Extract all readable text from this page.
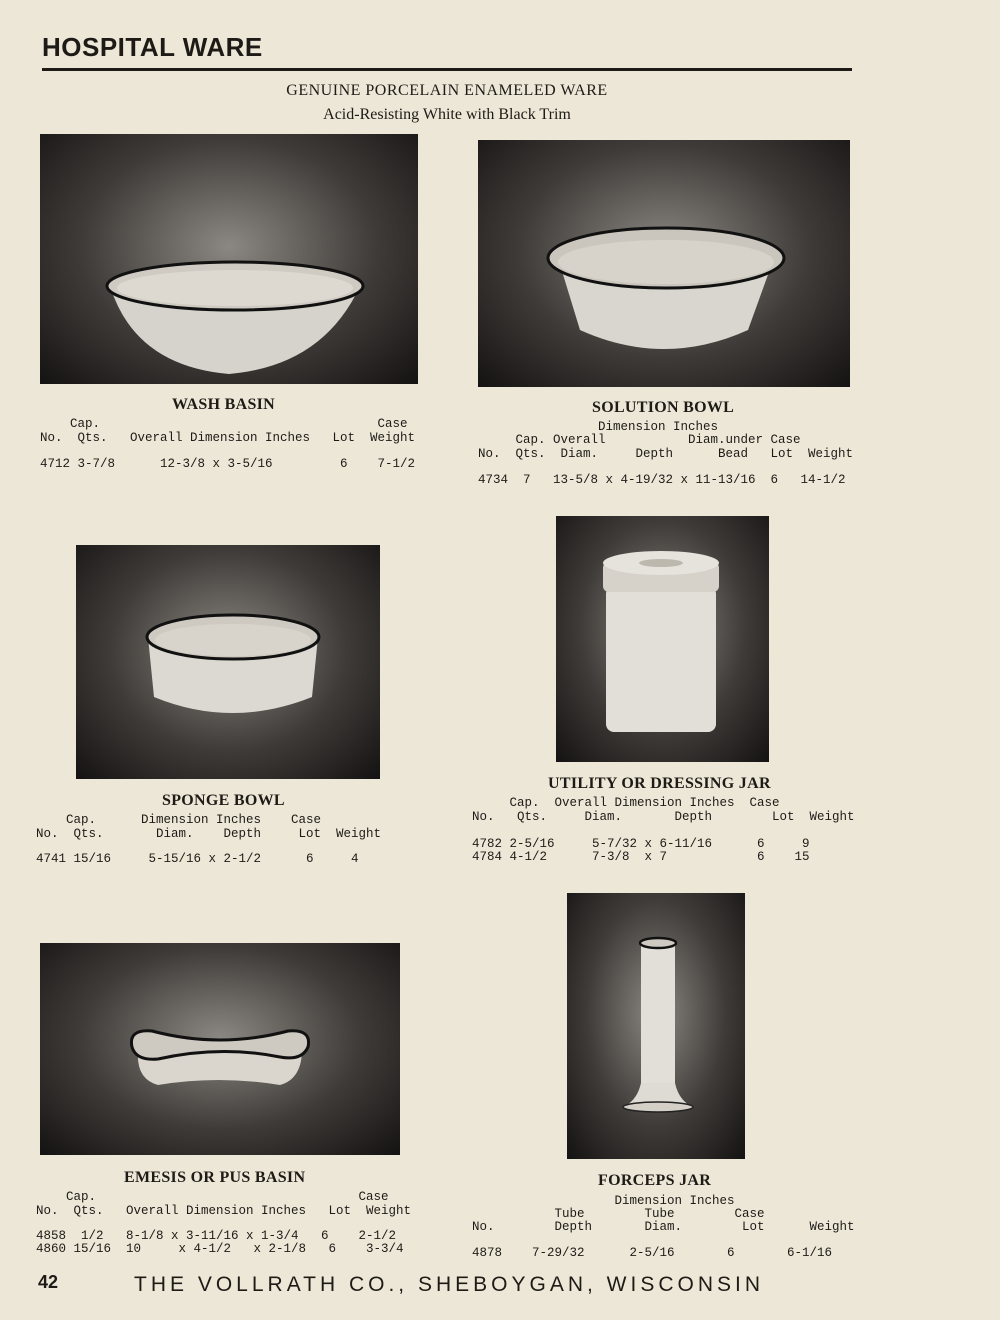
HOSPITAL WARE
GENUINE PORCELAIN ENAMELED WARE
Acid-Resisting White with Black Trim
WASH BASIN
Cap.                                     Case
No.  Qts.   Overall Dimension Inches   Lot  Weight
4712 3-7/8      12-3/8 x 3-5/16         6    7-1/2
SOLUTION BOWL
Dimension Inches
Cap. Overall           Diam.under Case
No.  Qts.  Diam.     Depth      Bead   Lot  Weight
4734  7   13-5/8 x 4-19/32 x 11-13/16  6   14-1/2
SPONGE BOWL
Cap.      Dimension Inches    Case
No.  Qts.       Diam.    Depth     Lot  Weight
4741 15/16     5-15/16 x 2-1/2      6     4
UTILITY OR DRESSING JAR
Cap.  Overall Dimension Inches  Case
No.   Qts.     Diam.       Depth        Lot  Weight
4782 2-5/16     5-7/32 x 6-11/16      6     9
4784 4-1/2      7-3/8  x 7            6    15
EMESIS OR PUS BASIN
Cap.                                   Case
No.  Qts.   Overall Dimension Inches   Lot  Weight
4858  1/2   8-1/8 x 3-11/16 x 1-3/4   6    2-1/2
4860 15/16  10     x 4-1/2   x 2-1/8   6    3-3/4
FORCEPS JAR
Dimension Inches
Tube        Tube        Case
No.        Depth       Diam.        Lot      Weight
4878    7-29/32      2-5/16       6       6-1/16
42	THE VOLLRATH CO., SHEBOYGAN, WISCONSIN
